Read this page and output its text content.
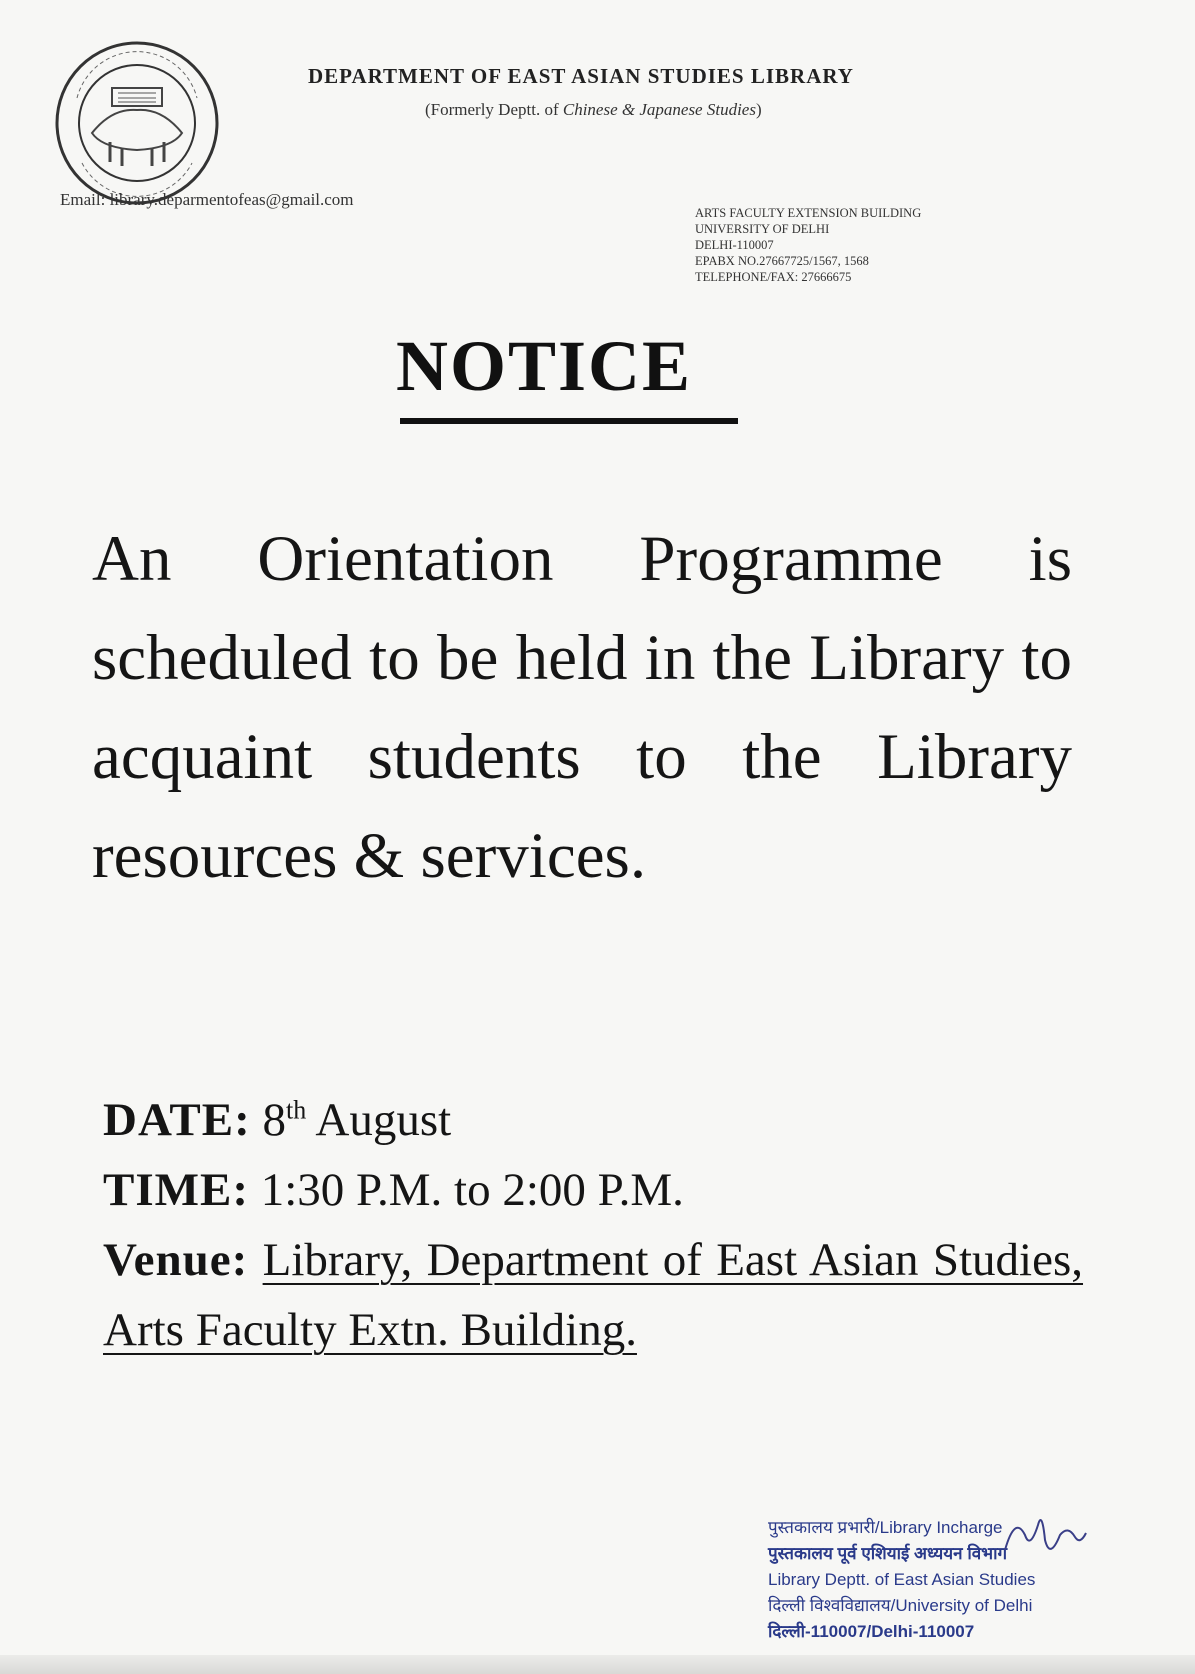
DEPARTMENT OF EAST ASIAN STUDIES LIBRARY
(Formerly Deptt. of Chinese & Japanese Studies)
Email: library.deparmentofeas@gmail.com
ARTS FACULTY EXTENSION BUILDING
UNIVERSITY OF DELHI
DELHI-110007
EPABX NO.27667725/1567, 1568
TELEPHONE/FAX: 27666675
NOTICE
An Orientation Programme is scheduled to be held in the Library to acquaint students to the Library resources & services.
DATE: 8th August
TIME: 1:30 P.M. to 2:00 P.M.
Venue: Library, Department of East Asian Studies, Arts Faculty Extn. Building.
पुस्तकालय प्रभारी/Library Incharge
पुस्तकालय पूर्व एशियाई अध्ययन विभाग
Library Deptt. of East Asian Studies
दिल्ली विश्वविद्यालय/University of Delhi
दिल्ली-110007/Delhi-110007
